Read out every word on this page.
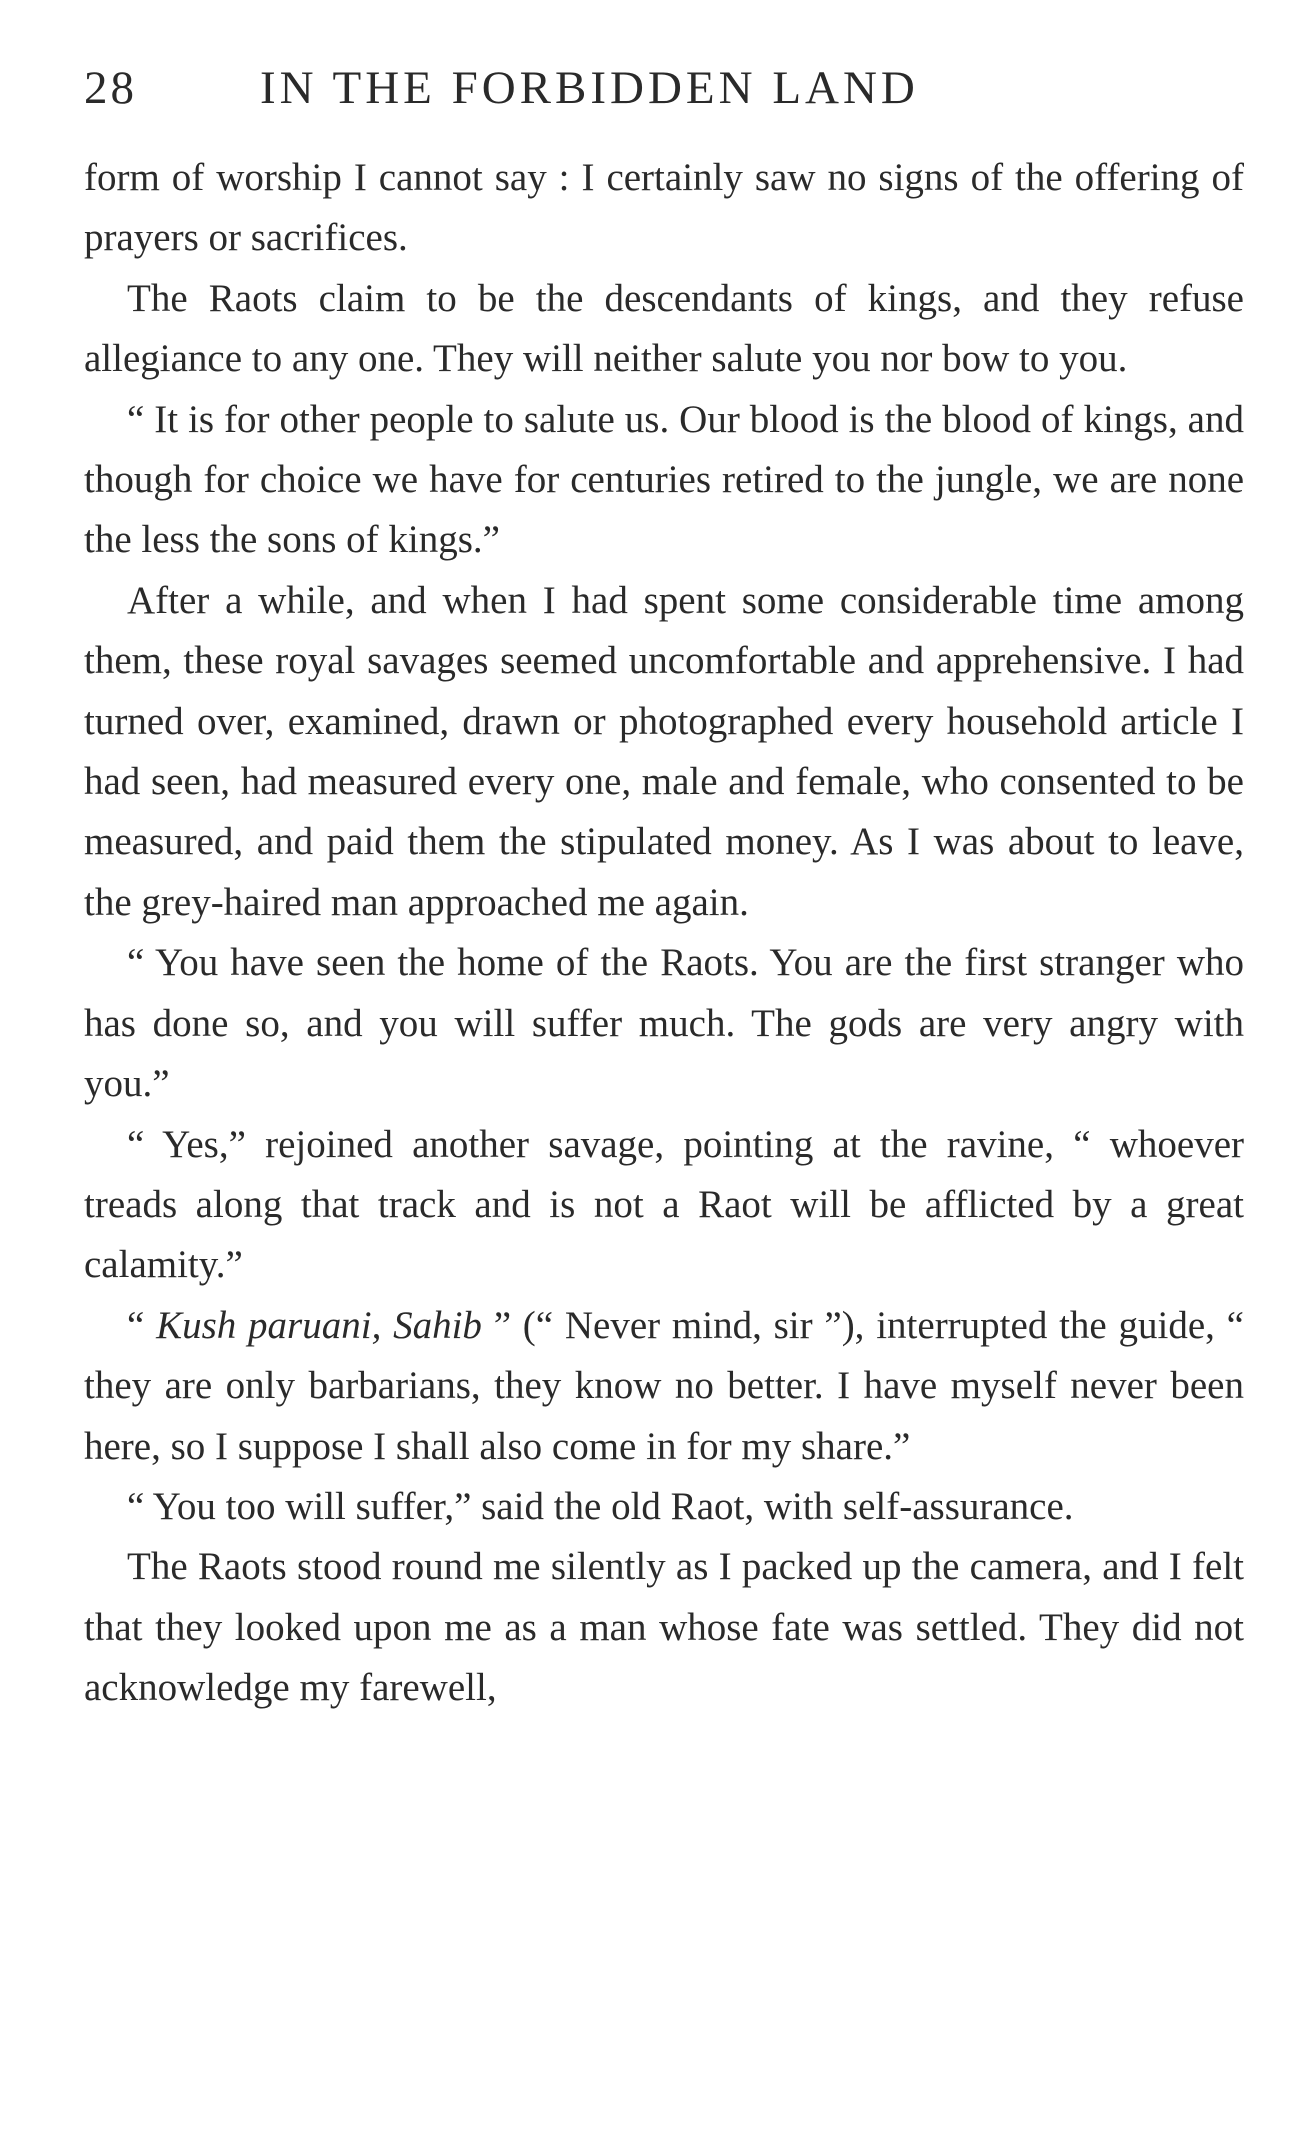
28	IN THE FORBIDDEN LAND

form of worship I cannot say : I certainly saw no signs of the offering of prayers or sacrifices.

The Raots claim to be the descendants of kings, and they refuse allegiance to any one. They will neither salute you nor bow to you.

“ It is for other people to salute us. Our blood is the blood of kings, and though for choice we have for centuries retired to the jungle, we are none the less the sons of kings.”

After a while, and when I had spent some considerable time among them, these royal savages seemed uncomfortable and apprehensive. I had turned over, examined, drawn or photographed every household article I had seen, had measured every one, male and female, who consented to be measured, and paid them the stipulated money. As I was about to leave, the grey-haired man approached me again.

“ You have seen the home of the Raots. You are the first stranger who has done so, and you will suffer much. The gods are very angry with you.”

“ Yes,” rejoined another savage, pointing at the ravine, “ whoever treads along that track and is not a Raot will be afflicted by a great calamity.”

“ Kush paruani, Sahib ” (“ Never mind, sir ”), interrupted the guide, “ they are only barbarians, they know no better. I have myself never been here, so I suppose I shall also come in for my share.”

“ You too will suffer,” said the old Raot, with self-assurance.

The Raots stood round me silently as I packed up the camera, and I felt that they looked upon me as a man whose fate was settled. They did not acknowledge my farewell,
